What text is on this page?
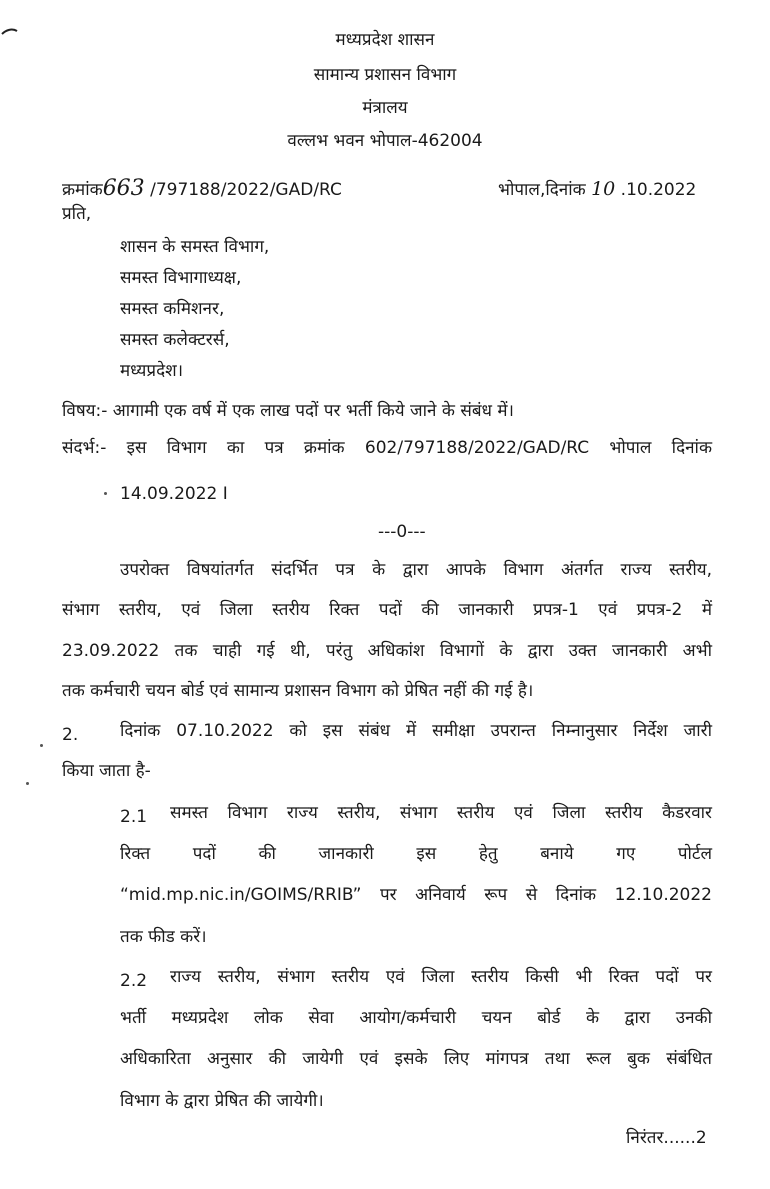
मध्यप्रदेश शासन
सामान्य प्रशासन विभाग
मंत्रालय
वल्लभ भवन भोपाल-462004
क्रमांक663 /797188/2022/GAD/RC	भोपाल,दिनांक 10 .10.2022
प्रति,
शासन के समस्त विभाग,
समस्त विभागाध्यक्ष,
समस्त कमिशनर,
समस्त कलेक्टरर्स,
मध्यप्रदेश।
विषय:- आगामी एक वर्ष में एक लाख पदों पर भर्ती किये जाने के संबंध में।
संदर्भ:- इस विभाग का पत्र क्रमांक 602/797188/2022/GAD/RC भोपाल दिनांक
14.09.2022 I
---0---
उपरोक्त विषयांतर्गत संदर्भित पत्र के द्वारा आपके विभाग अंतर्गत राज्य स्तरीय,
संभाग स्तरीय, एवं जिला स्तरीय रिक्त पदों की जानकारी प्रपत्र-1 एवं प्रपत्र-2 में
23.09.2022 तक चाही गई थी, परंतु अधिकांश विभागों के द्वारा उक्त जानकारी अभी
तक कर्मचारी चयन बोर्ड एवं सामान्य प्रशासन विभाग को प्रेषित नहीं की गई है।
2. दिनांक 07.10.2022 को इस संबंध में समीक्षा उपरान्त निम्नानुसार निर्देश जारी
किया जाता है-
2.1 समस्त विभाग राज्य स्तरीय, संभाग स्तरीय एवं जिला स्तरीय कैडरवार
रिक्त पदों की जानकारी इस हेतु बनाये गए पोर्टल
“mid.mp.nic.in/GOIMS/RRIB” पर अनिवार्य रूप से दिनांक 12.10.2022
तक फीड करें।
2.2 राज्य स्तरीय, संभाग स्तरीय एवं जिला स्तरीय किसी भी रिक्त पदों पर
भर्ती मध्यप्रदेश लोक सेवा आयोग/कर्मचारी चयन बोर्ड के द्वारा उनकी
अधिकारिता अनुसार की जायेगी एवं इसके लिए मांगपत्र तथा रूल बुक संबंधित
विभाग के द्वारा प्रेषित की जायेगी।
निरंतर......2
